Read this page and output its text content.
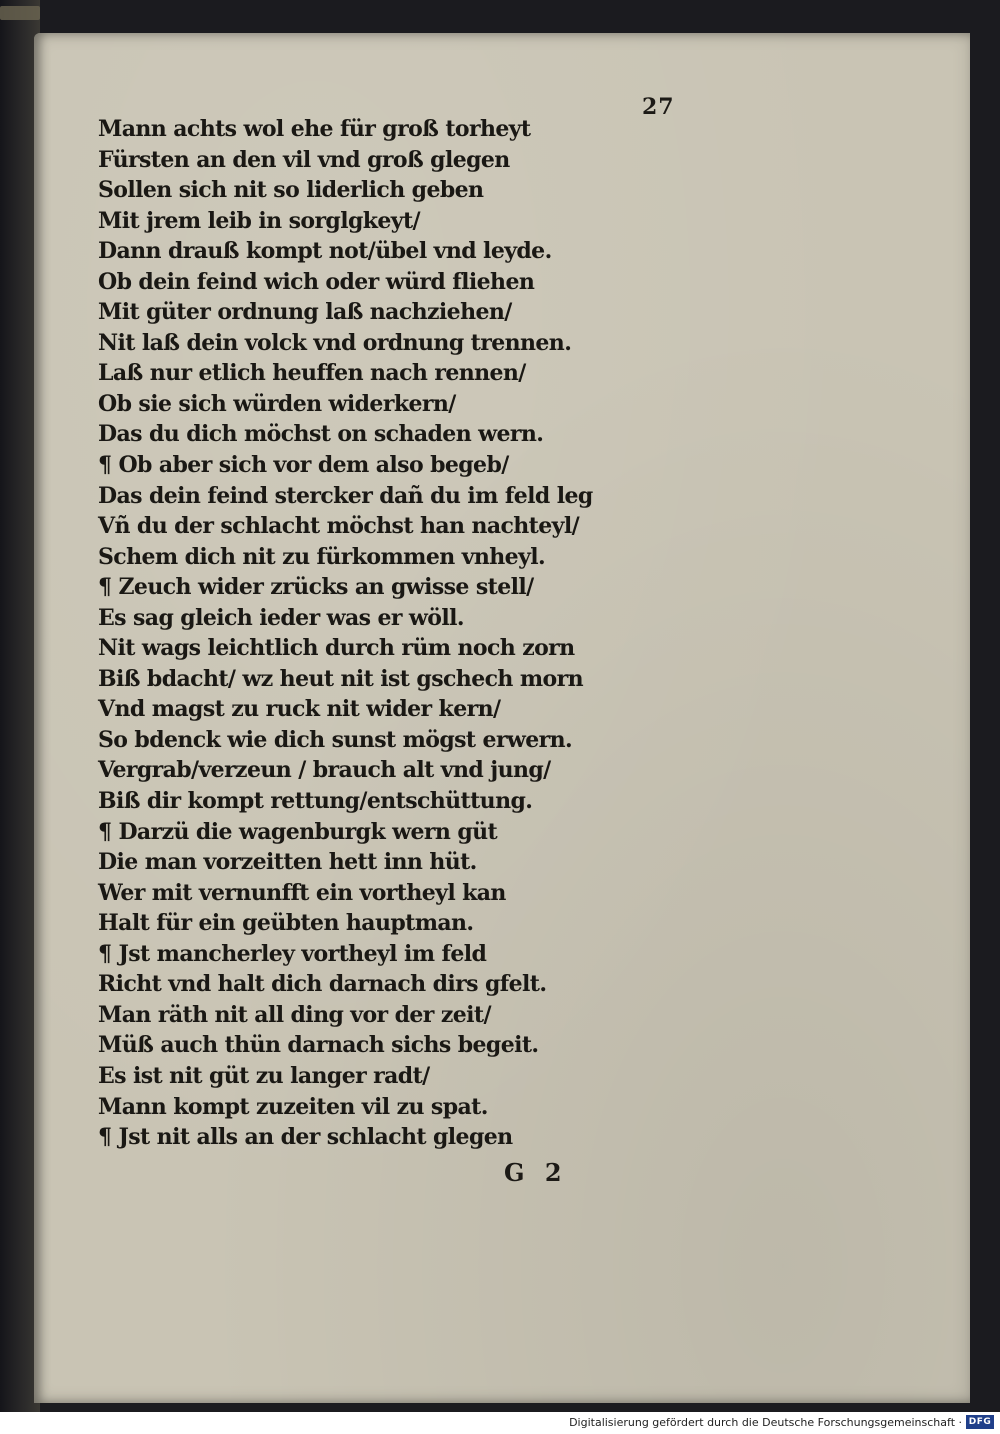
27
Mann achts wol ehe für groß torheyt
Fürsten an den vil vnd groß glegen
Sollen sich nit so liderlich geben
Mit jrem leib in sorglgkeyt/
Dann drauß kompt not/übel vnd leyde.
Ob dein feind wich oder würd fliehen
Mit güter ordnung laß nachziehen/
Nit laß dein volck vnd ordnung trennen.
Laß nur etlich heuffen nach rennen/
Ob sie sich würden widerkern/
Das du dich möchst on schaden wern.
¶ Ob aber sich vor dem also begeb/
Das dein feind stercker dañ du im feld leg
Vñ du der schlacht möchst han nachteyl/
Schem dich nit zu fürkommen vnheyl.
¶ Zeuch wider zrücks an gwisse stell/
Es sag gleich ieder was er wöll.
Nit wags leichtlich durch rüm noch zorn
Biß bdacht/ wz heut nit ist gschech morn
Vnd magst zu ruck nit wider kern/
So bdenck wie dich sunst mögst erwern.
Vergrab/verzeun / brauch alt vnd jung/
Biß dir kompt rettung/entschüttung.
¶ Darzü die wagenburgk wern güt
Die man vorzeitten hett inn hüt.
Wer mit vernunfft ein vortheyl kan
Halt für ein geübten hauptman.
¶ Jst mancherley vortheyl im feld
Richt vnd halt dich darnach dirs gfelt.
Man räth nit all ding vor der zeit/
Müß auch thün darnach sichs begeit.
Es ist nit güt zu langer radt/
Mann kompt zuzeiten vil zu spat.
¶ Jst nit alls an der schlacht glegen
G 2
Digitalisierung gefördert durch die Deutsche Forschungsgemeinschaft · DFG
